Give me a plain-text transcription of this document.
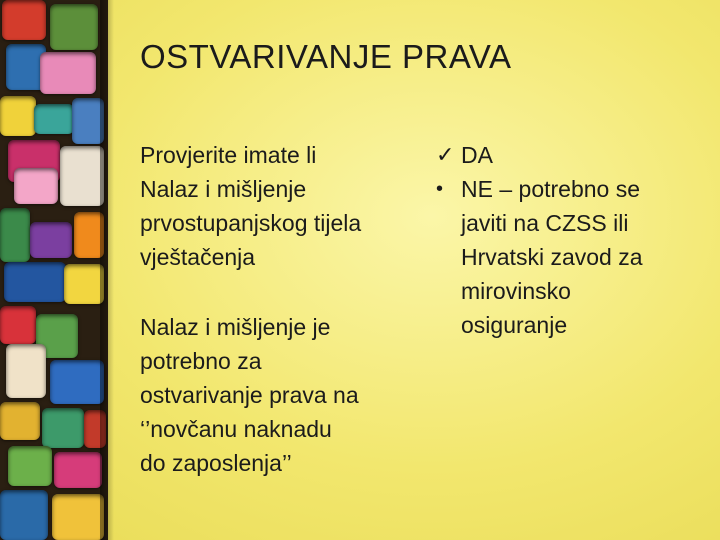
OSTVARIVANJE PRAVA

Provjerite imate li
Nalaz i mišljenje
prvostupanjskog tijela
vještačenja

Nalaz i mišljenje je
potrebno za
ostvarivanje prava na
‘’novčanu naknadu
do zaposlenja’’

✓ DA
• NE – potrebno se
javiti na CZSS ili
Hrvatski zavod za
mirovinsko
osiguranje
